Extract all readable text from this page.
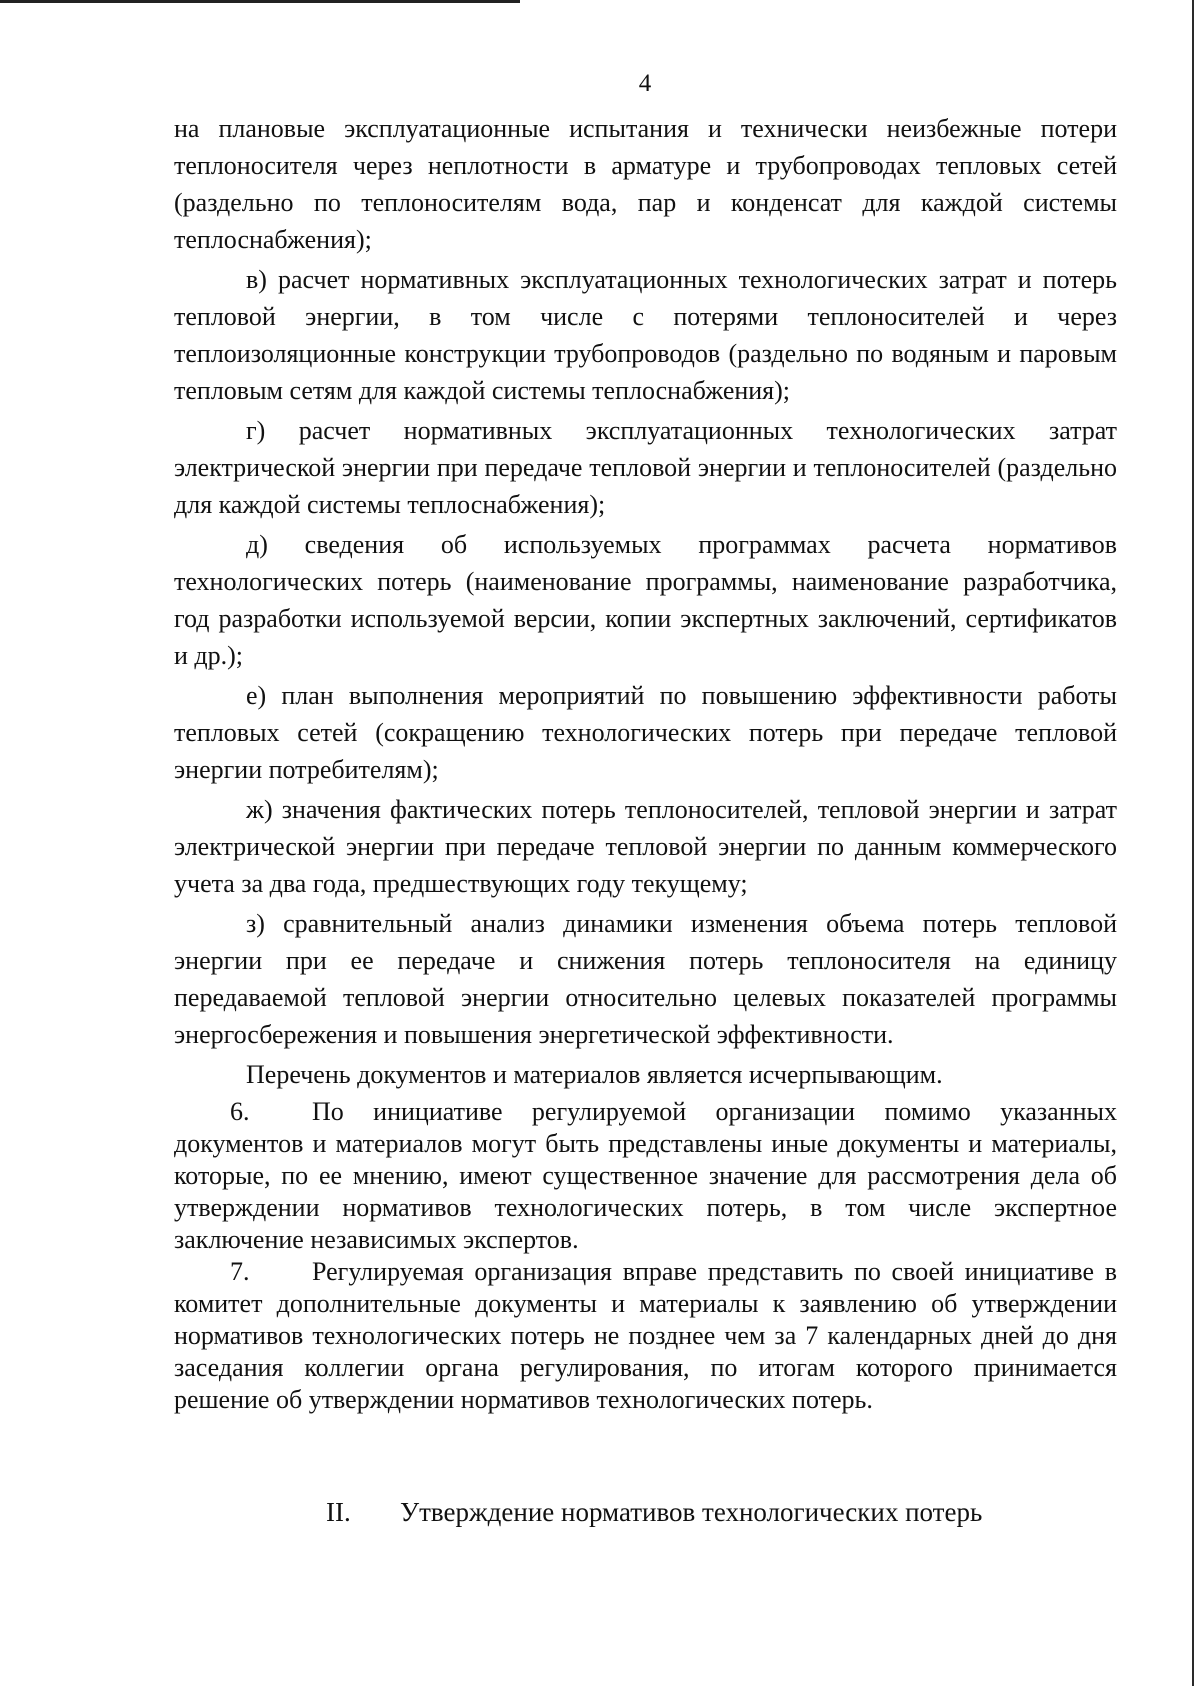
4

на плановые эксплуатационные испытания и технически неизбежные потери теплоносителя через неплотности в арматуре и трубопроводах тепловых сетей (раздельно по теплоносителям вода, пар и конденсат для каждой системы теплоснабжения);

в) расчет нормативных эксплуатационных технологических затрат и потерь тепловой энергии, в том числе с потерями теплоносителей и через теплоизоляционные конструкции трубопроводов (раздельно по водяным и паровым тепловым сетям для каждой системы теплоснабжения);

г) расчет нормативных эксплуатационных технологических затрат электрической энергии при передаче тепловой энергии и теплоносителей (раздельно для каждой системы теплоснабжения);

д) сведения об используемых программах расчета нормативов технологических потерь (наименование программы, наименование разработчика, год разработки используемой версии, копии экспертных заключений, сертификатов и др.);

е) план выполнения мероприятий по повышению эффективности работы тепловых сетей (сокращению технологических потерь при передаче тепловой энергии потребителям);

ж) значения фактических потерь теплоносителей, тепловой энергии и затрат электрической энергии при передаче тепловой энергии по данным коммерческого учета за два года, предшествующих году текущему;

з) сравнительный анализ динамики изменения объема потерь тепловой энергии при ее передаче и снижения потерь теплоносителя на единицу передаваемой тепловой энергии относительно целевых показателей программы энергосбережения и повышения энергетической эффективности.

Перечень документов и материалов является исчерпывающим.

6. По инициативе регулируемой организации помимо указанных документов и материалов могут быть представлены иные документы и материалы, которые, по ее мнению, имеют существенное значение для рассмотрения дела об утверждении нормативов технологических потерь, в том числе экспертное заключение независимых экспертов.

7. Регулируемая организация вправе представить по своей инициативе в комитет дополнительные документы и материалы к заявлению об утверждении нормативов технологических потерь не позднее чем за 7 календарных дней до дня заседания коллегии органа регулирования, по итогам которого принимается решение об утверждении нормативов технологических потерь.

II. Утверждение нормативов технологических потерь
